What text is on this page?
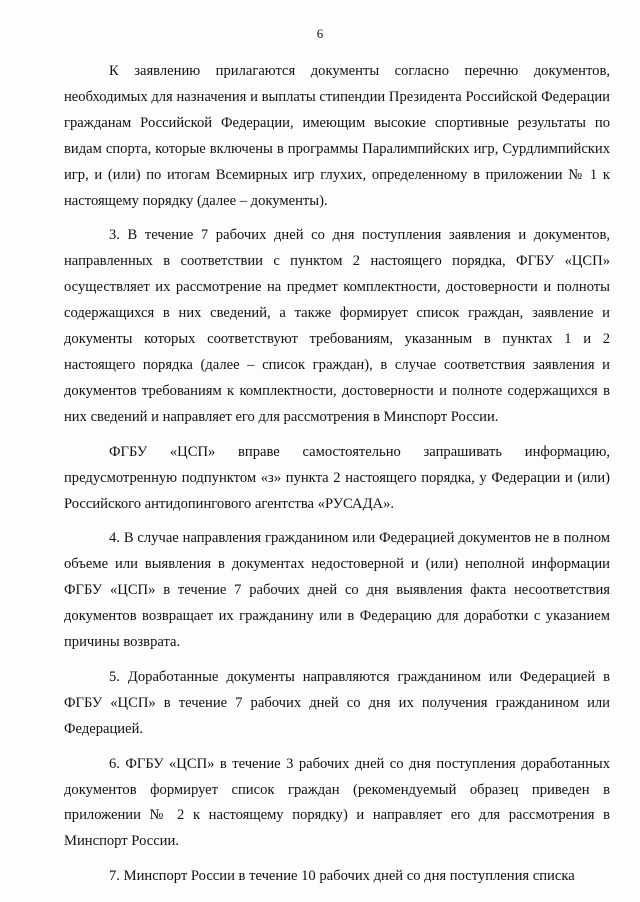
6

К заявлению прилагаются документы согласно перечню документов, необходимых для назначения и выплаты стипендии Президента Российской Федерации гражданам Российской Федерации, имеющим высокие спортивные результаты по видам спорта, которые включены в программы Паралимпийских игр, Сурдлимпийских игр, и (или) по итогам Всемирных игр глухих, определенному в приложении № 1 к настоящему порядку (далее – документы).

3. В течение 7 рабочих дней со дня поступления заявления и документов, направленных в соответствии с пунктом 2 настоящего порядка, ФГБУ «ЦСП» осуществляет их рассмотрение на предмет комплектности, достоверности и полноты содержащихся в них сведений, а также формирует список граждан, заявление и документы которых соответствуют требованиям, указанным в пунктах 1 и 2 настоящего порядка (далее – список граждан), в случае соответствия заявления и документов требованиям к комплектности, достоверности и полноте содержащихся в них сведений и направляет его для рассмотрения в Минспорт России.

ФГБУ «ЦСП» вправе самостоятельно запрашивать информацию, предусмотренную подпунктом «з» пункта 2 настоящего порядка, у Федерации и (или) Российского антидопингового агентства «РУСАДА».

4. В случае направления гражданином или Федерацией документов не в полном объеме или выявления в документах недостоверной и (или) неполной информации ФГБУ «ЦСП» в течение 7 рабочих дней со дня выявления факта несоответствия документов возвращает их гражданину или в Федерацию для доработки с указанием причины возврата.

5. Доработанные документы направляются гражданином или Федерацией в ФГБУ «ЦСП» в течение 7 рабочих дней со дня их получения гражданином или Федерацией.

6. ФГБУ «ЦСП» в течение 3 рабочих дней со дня поступления доработанных документов формирует список граждан (рекомендуемый образец приведен в приложении № 2 к настоящему порядку) и направляет его для рассмотрения в Минспорт России.

7. Минспорт России в течение 10 рабочих дней со дня поступления списка
